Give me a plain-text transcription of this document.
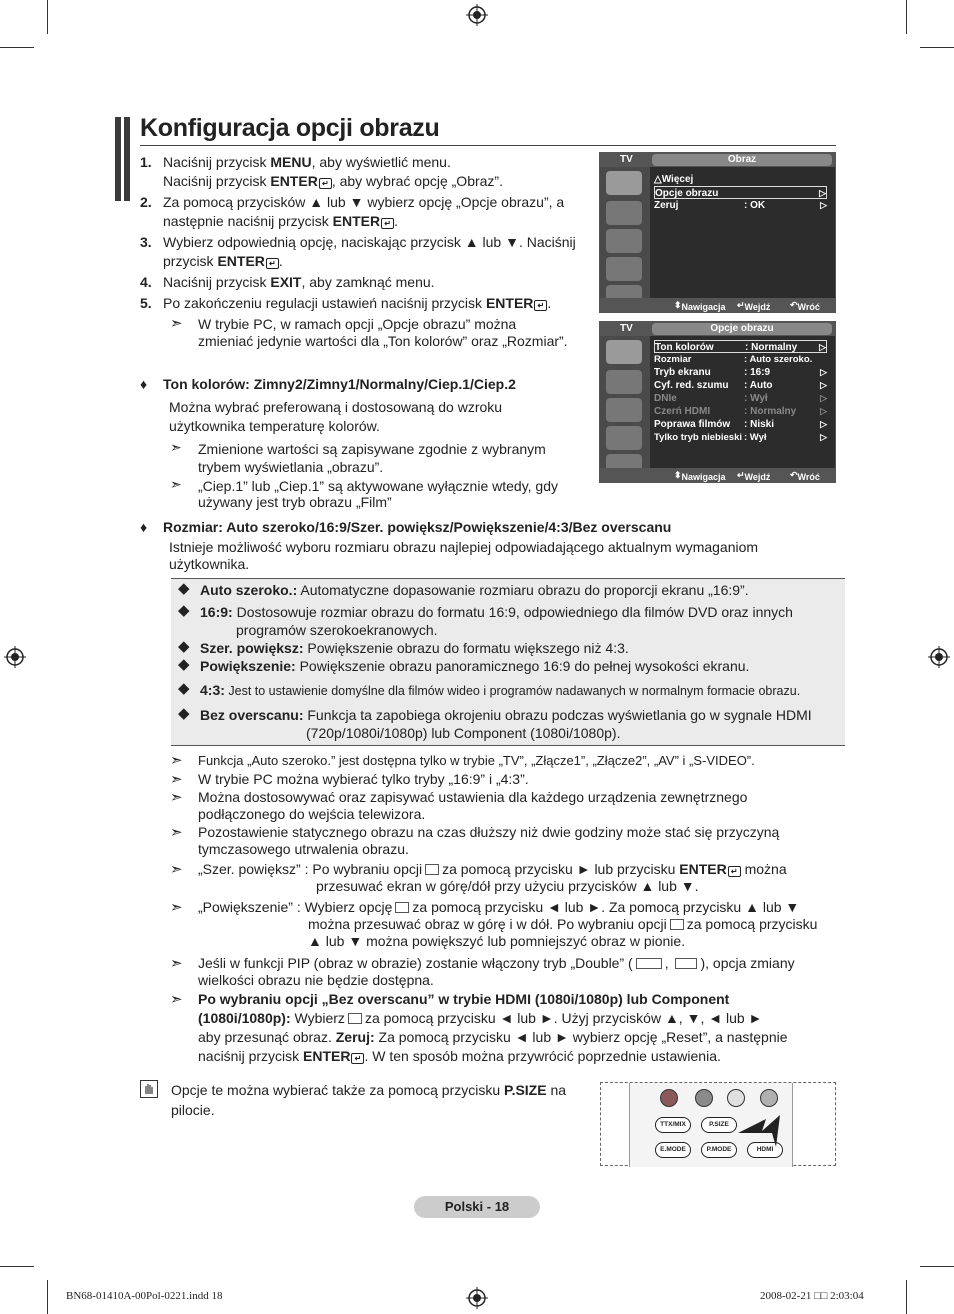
Konfiguracja opcji obrazu
1. Naciśnij przycisk MENU, aby wyświetlić menu.
Naciśnij przycisk ENTER ↵ , aby wybrać opcję „Obraz”.
2. Za pomocą przycisków ▲ lub ▼ wybierz opcję „Opcje obrazu”, a
następnie naciśnij przycisk ENTER ↵ .
3. Wybierz odpowiednią opcję, naciskając przycisk ▲ lub ▼. Naciśnij
przycisk ENTER ↵ .
4. Naciśnij przycisk EXIT, aby zamknąć menu.
5. Po zakończeniu regulacji ustawień naciśnij przycisk ENTER ↵ .
➣ W trybie PC, w ramach opcji „Opcje obrazu” można
zmieniać jedynie wartości dla „Ton kolorów” oraz „Rozmiar”.
TV	Obraz
△Więcej
Opcje obrazu	▷
Zeruj	: OK	▷
⬍ Nawigacja ↵ Wejdź ↶ Wróć
TV	Opcje obrazu
Ton kolorów	: Normalny ▷
Rozmiar	: Auto szeroko.
Tryb ekranu	: 16:9	▷
Cyf. red. szumu : Auto	▷
DNIe	: Wył	▷
Czerń HDMI	: Normalny	▷
Poprawa filmów : Niski	▷
Tylko tryb niebieski : Wył	▷
⬍ Nawigacja ↵ Wejdź ↶ Wróć
♦ Ton kolorów: Zimny2/Zimny1/Normalny/Ciep.1/Ciep.2
Można wybrać preferowaną i dostosowaną do wzroku
użytkownika temperaturę kolorów.
➣ Zmienione wartości są zapisywane zgodnie z wybranym
trybem wyświetlania „obrazu”.
➣ „Ciep.1” lub „Ciep.1” są aktywowane wyłącznie wtedy, gdy
używany jest tryb obrazu „Film”
♦ Rozmiar: Auto szeroko/16:9/Szer. powiększ/Powiększenie/4:3/Bez overscanu
Istnieje możliwość wyboru rozmiaru obrazu najlepiej odpowiadającego aktualnym wymaganiom
użytkownika.
◆ Auto szeroko.: Automatyczne dopasowanie rozmiaru obrazu do proporcji ekranu „16:9”.
◆ 16:9: Dostosowuje rozmiar obrazu do formatu 16:9, odpowiedniego dla filmów DVD oraz innych
programów szerokoekranowych.
◆ Szer. powiększ: Powiększenie obrazu do formatu większego niż 4:3.
◆ Powiększenie: Powiększenie obrazu panoramicznego 16:9 do pełnej wysokości ekranu.
◆ 4:3: Jest to ustawienie domyślne dla filmów wideo i programów nadawanych w normalnym formacie obrazu.
◆ Bez overscanu: Funkcja ta zapobiega okrojeniu obrazu podczas wyświetlania go w sygnale HDMI
(720p/1080i/1080p) lub Component (1080i/1080p).
➣ Funkcja „Auto szeroko.” jest dostępna tylko w trybie „TV”, „Złącze1”, „Złącze2”, „AV” i „S-VIDEO”.
➣ W trybie PC można wybierać tylko tryby „16:9” i „4:3”.
➣ Można dostosowywać oraz zapisywać ustawienia dla każdego urządzenia zewnętrznego
podłączonego do wejścia telewizora.
➣ Pozostawienie statycznego obrazu na czas dłuższy niż dwie godziny może stać się przyczyną
tymczasowego utrwalenia obrazu.
➣ „Szer. powiększ” : Po wybraniu opcji za pomocą przycisku ► lub przycisku ENTER ↵ można
przesuwać ekran w górę/dół przy użyciu przycisków ▲ lub ▼.
➣ „Powiększenie” : Wybierz opcję za pomocą przycisku ◄ lub ►. Za pomocą przycisku ▲ lub ▼
można przesuwać obraz w górę i w dół. Po wybraniu opcji za pomocą przycisku
▲ lub ▼ można powiększyć lub pomniejszyć obraz w pionie.
➣ Jeśli w funkcji PIP (obraz w obrazie) zostanie włączony tryb „Double” ( , ), opcja zmiany
wielkości obrazu nie będzie dostępna.
➣ Po wybraniu opcji „Bez overscanu” w trybie HDMI (1080i/1080p) lub Component
(1080i/1080p): Wybierz za pomocą przycisku ◄ lub ►. Użyj przycisków ▲, ▼, ◄ lub ►
aby przesunąć obraz. Zeruj: Za pomocą przycisku ◄ lub ► wybierz opcję „Reset”, a następnie
naciśnij przycisk ENTER ↵ . W ten sposób można przywrócić poprzednie ustawienia.
Opcje te można wybierać także za pomocą przycisku P.SIZE na
pilocie.
TTX/MIX	P.SIZE
E.MODE	P.MODE	HDMI
Polski - 18
BN68-01410A-00Pol-0221.indd 18	2008-02-21 □□ 2:03:04
